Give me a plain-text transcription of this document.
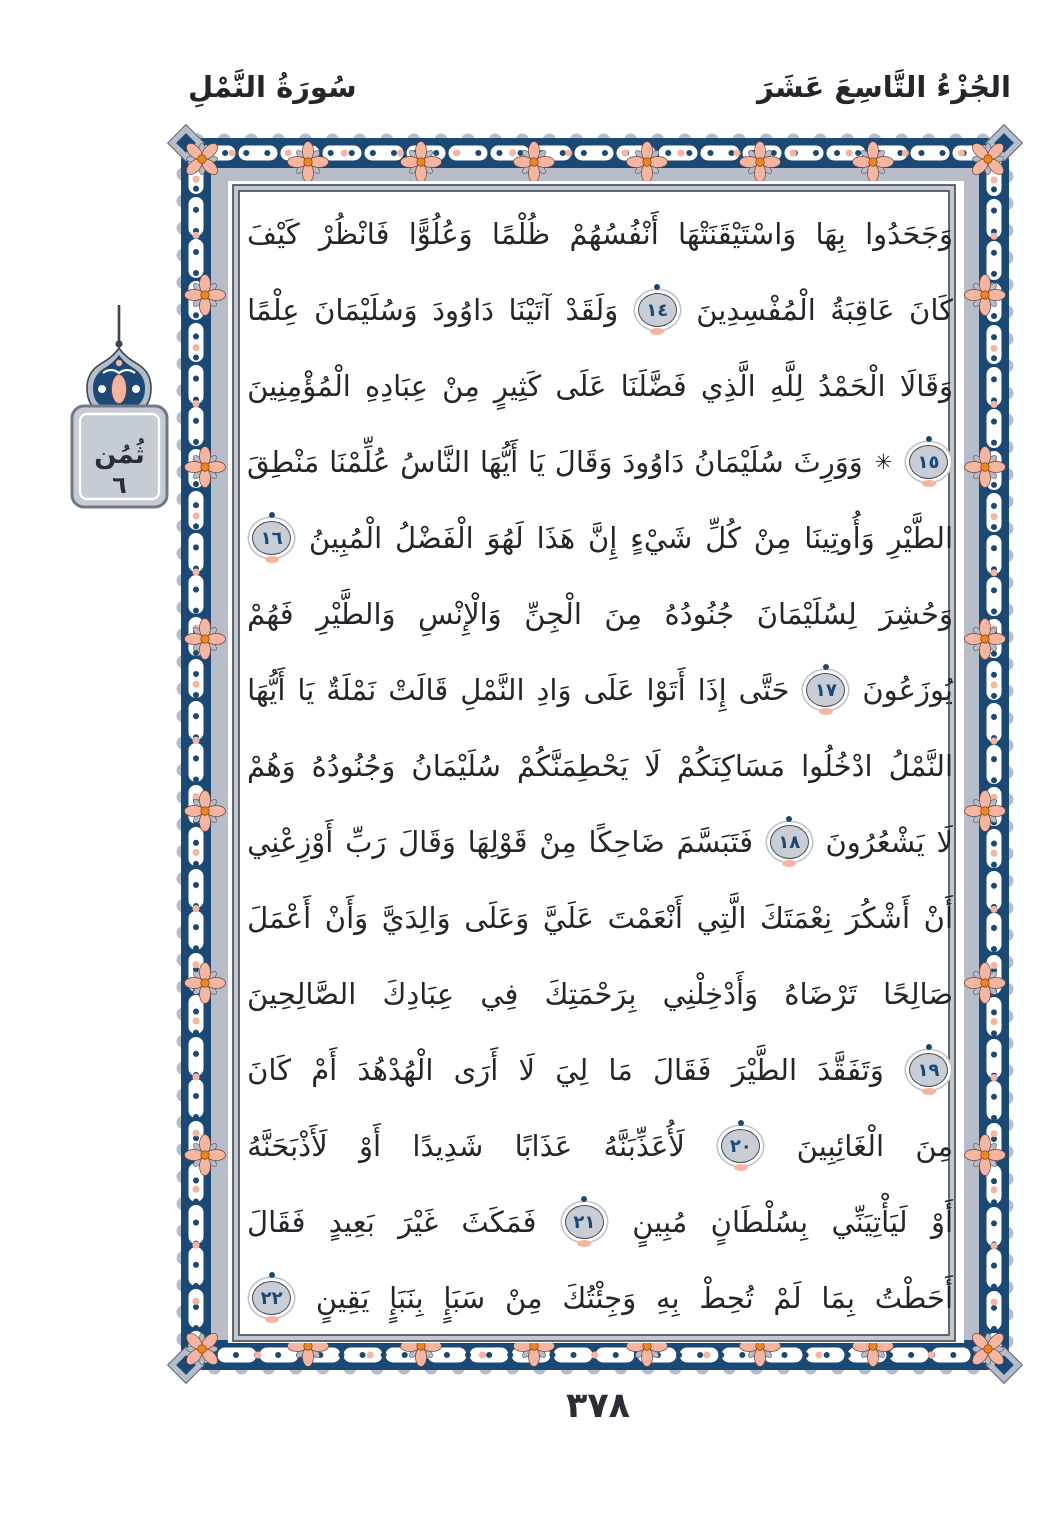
الجُزْءُ التَّاسِعَ عَشَرَ
سُورَةُ النَّمْلِ
ثُمُن
٦
وَجَحَدُوا
بِهَا
وَاسْتَيْقَنَتْهَا
أَنْفُسُهُمْ
ظُلْمًا
وَعُلُوًّا
فَانْظُرْ
كَيْفَ
كَانَ
عَاقِبَةُ
الْمُفْسِدِينَ
١٤
وَلَقَدْ
آتَيْنَا
دَاوُودَ
وَسُلَيْمَانَ
عِلْمًا
وَقَالَا
الْحَمْدُ
لِلَّهِ
الَّذِي
فَضَّلَنَا
عَلَى
كَثِيرٍ
مِنْ
عِبَادِهِ
الْمُؤْمِنِينَ
١٥
✳
وَوَرِثَ
سُلَيْمَانُ
دَاوُودَ
وَقَالَ
يَا
أَيُّهَا
النَّاسُ
عُلِّمْنَا
مَنْطِقَ
الطَّيْرِ
وَأُوتِينَا
مِنْ
كُلِّ
شَيْءٍ
إِنَّ
هَذَا
لَهُوَ
الْفَضْلُ
الْمُبِينُ
١٦
وَحُشِرَ
لِسُلَيْمَانَ
جُنُودُهُ
مِنَ
الْجِنِّ
وَالْإِنْسِ
وَالطَّيْرِ
فَهُمْ
يُوزَعُونَ
١٧
حَتَّى
إِذَا
أَتَوْا
عَلَى
وَادِ
النَّمْلِ
قَالَتْ
نَمْلَةٌ
يَا
أَيُّهَا
النَّمْلُ
ادْخُلُوا
مَسَاكِنَكُمْ
لَا
يَحْطِمَنَّكُمْ
سُلَيْمَانُ
وَجُنُودُهُ
وَهُمْ
لَا
يَشْعُرُونَ
١٨
فَتَبَسَّمَ
ضَاحِكًا
مِنْ
قَوْلِهَا
وَقَالَ
رَبِّ
أَوْزِعْنِي
أَنْ
أَشْكُرَ
نِعْمَتَكَ
الَّتِي
أَنْعَمْتَ
عَلَيَّ
وَعَلَى
وَالِدَيَّ
وَأَنْ
أَعْمَلَ
صَالِحًا
تَرْضَاهُ
وَأَدْخِلْنِي
بِرَحْمَتِكَ
فِي
عِبَادِكَ
الصَّالِحِينَ
١٩
وَتَفَقَّدَ
الطَّيْرَ
فَقَالَ
مَا
لِيَ
لَا
أَرَى
الْهُدْهُدَ
أَمْ
كَانَ
مِنَ
الْغَائِبِينَ
٢٠
لَأُعَذِّبَنَّهُ
عَذَابًا
شَدِيدًا
أَوْ
لَأَذْبَحَنَّهُ
أَوْ
لَيَأْتِيَنِّي
بِسُلْطَانٍ
مُبِينٍ
٢١
فَمَكَثَ
غَيْرَ
بَعِيدٍ
فَقَالَ
أَحَطْتُ
بِمَا
لَمْ
تُحِطْ
بِهِ
وَجِئْتُكَ
مِنْ
سَبَإٍ
بِنَبَإٍ
يَقِينٍ
٢٢
٣٧٨
